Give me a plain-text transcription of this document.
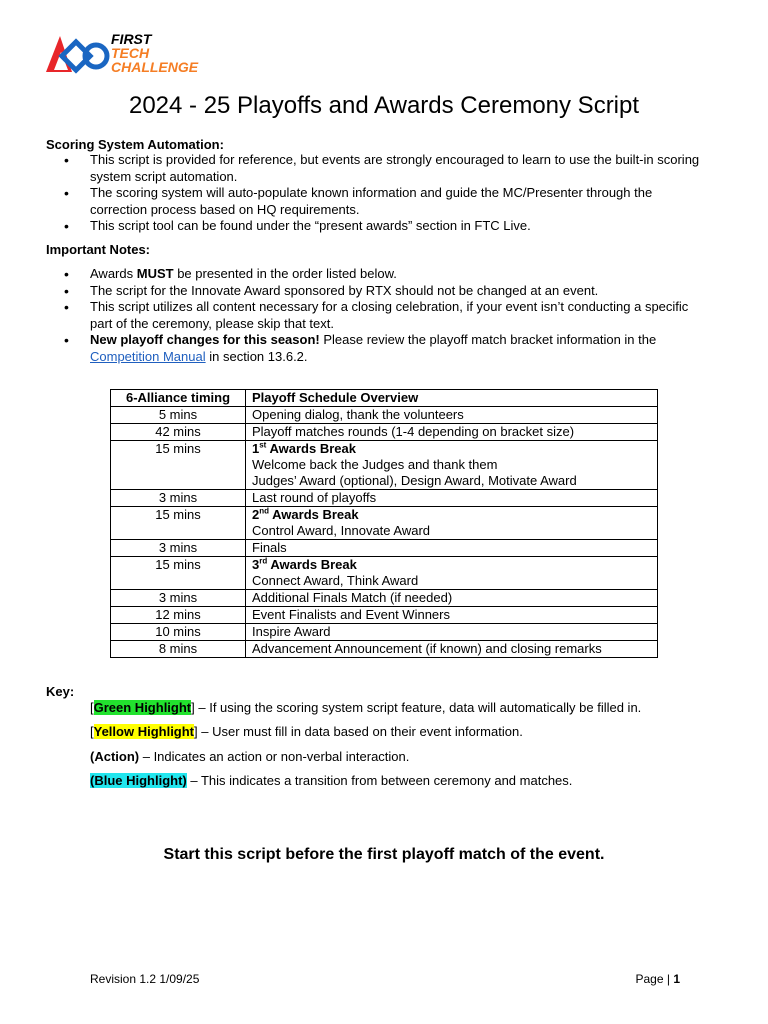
FIRST
TECH
CHALLENGE
2024 - 25 Playoffs and Awards Ceremony Script
Scoring System Automation:
• This script is provided for reference, but events are strongly encouraged to learn to use the built-in scoring system script automation.
• The scoring system will auto-populate known information and guide the MC/Presenter through the correction process based on HQ requirements.
• This script tool can be found under the “present awards” section in FTC Live.
Important Notes:
• Awards MUST be presented in the order listed below.
• The script for the Innovate Award sponsored by RTX should not be changed at an event.
• This script utilizes all content necessary for a closing celebration, if your event isn’t conducting a specific part of the ceremony, please skip that text.
• New playoff changes for this season! Please review the playoff match bracket information in the Competition Manual in section 13.6.2.
6-Alliance timing	Playoff Schedule Overview
5 mins	Opening dialog, thank the volunteers
42 mins	Playoff matches rounds (1-4 depending on bracket size)
15 mins	1st Awards Break
Welcome back the Judges and thank them
Judges’ Award (optional), Design Award, Motivate Award

3 mins	Last round of playoffs
15 mins	2nd Awards Break
Control Award, Innovate Award

3 mins	Finals
15 mins	3rd Awards Break
Connect Award, Think Award

3 mins	Additional Finals Match (if needed)
12 mins	Event Finalists and Event Winners
10 mins	Inspire Award
8 mins	Advancement Announcement (if known) and closing remarks
Key:
[Green Highlight] – If using the scoring system script feature, data will automatically be filled in.
[Yellow Highlight] – User must fill in data based on their event information.
(Action) – Indicates an action or non-verbal interaction.
(Blue Highlight) – This indicates a transition from between ceremony and matches.
Start this script before the first playoff match of the event.
Revision 1.2 1/09/25	Page | 1
